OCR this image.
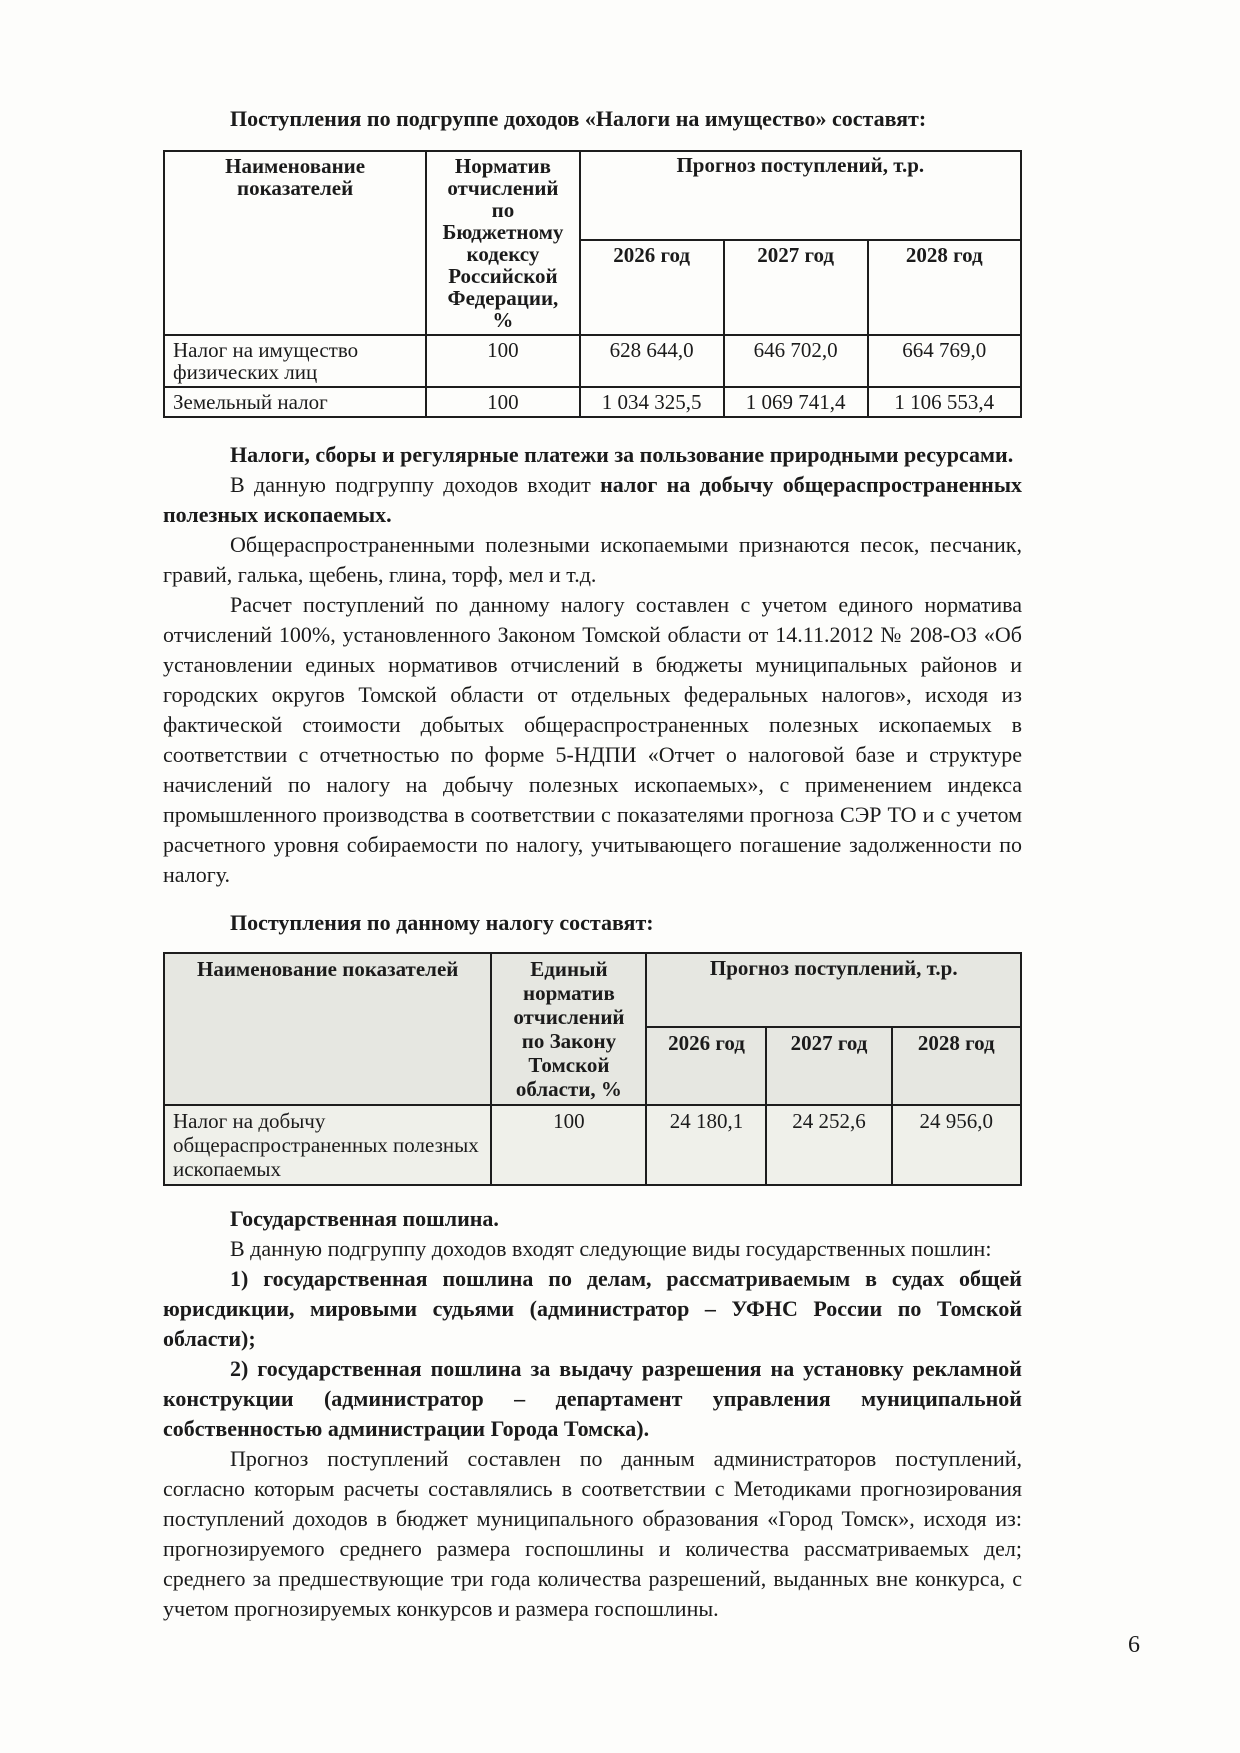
Поступления по подгруппе доходов «Налоги на имущество» составят:

Наименование показателей	Норматив отчислений по Бюджетному кодексу Российской Федерации, %	Прогноз поступлений, т.р.		
		2026 год	2027 год	2028 год
Налог на имущество физических лиц	100	628 644,0	646 702,0	664 769,0
Земельный налог	100	1 034 325,5	1 069 741,4	1 106 553,4

Налоги, сборы и регулярные платежи за пользование природными ресурсами.

В данную подгруппу доходов входит налог на добычу общераспространенных полезных ископаемых.

Общераспространенными полезными ископаемыми признаются песок, песчаник, гравий, галька, щебень, глина, торф, мел и т.д.

Расчет поступлений по данному налогу составлен с учетом единого норматива отчислений 100%, установленного Законом Томской области от 14.11.2012 № 208-ОЗ «Об установлении единых нормативов отчислений в бюджеты муниципальных районов и городских округов Томской области от отдельных федеральных налогов», исходя из фактической стоимости добытых общераспространенных полезных ископаемых в соответствии с отчетностью по форме 5-НДПИ «Отчет о налоговой базе и структуре начислений по налогу на добычу полезных ископаемых», с применением индекса промышленного производства в соответствии с показателями прогноза СЭР ТО и с учетом расчетного уровня собираемости по налогу, учитывающего погашение задолженности по налогу.

Поступления по данному налогу составят:

Наименование показателей	Единый норматив отчислений по Закону Томской области, %	Прогноз поступлений, т.р.		
		2026 год	2027 год	2028 год
Налог на добычу общераспространенных полезных ископаемых	100	24 180,1	24 252,6	24 956,0

Государственная пошлина.

В данную подгруппу доходов входят следующие виды государственных пошлин:

1) государственная пошлина по делам, рассматриваемым в судах общей юрисдикции, мировыми судьями (администратор – УФНС России по Томской области);

2) государственная пошлина за выдачу разрешения на установку рекламной конструкции (администратор – департамент управления муниципальной собственностью администрации Города Томска).

Прогноз поступлений составлен по данным администраторов поступлений, согласно которым расчеты составлялись в соответствии с Методиками прогнозирования поступлений доходов в бюджет муниципального образования «Город Томск», исходя из: прогнозируемого среднего размера госпошлины и количества рассматриваемых дел; среднего за предшествующие три года количества разрешений, выданных вне конкурса, с учетом прогнозируемых конкурсов и размера госпошлины.

6
